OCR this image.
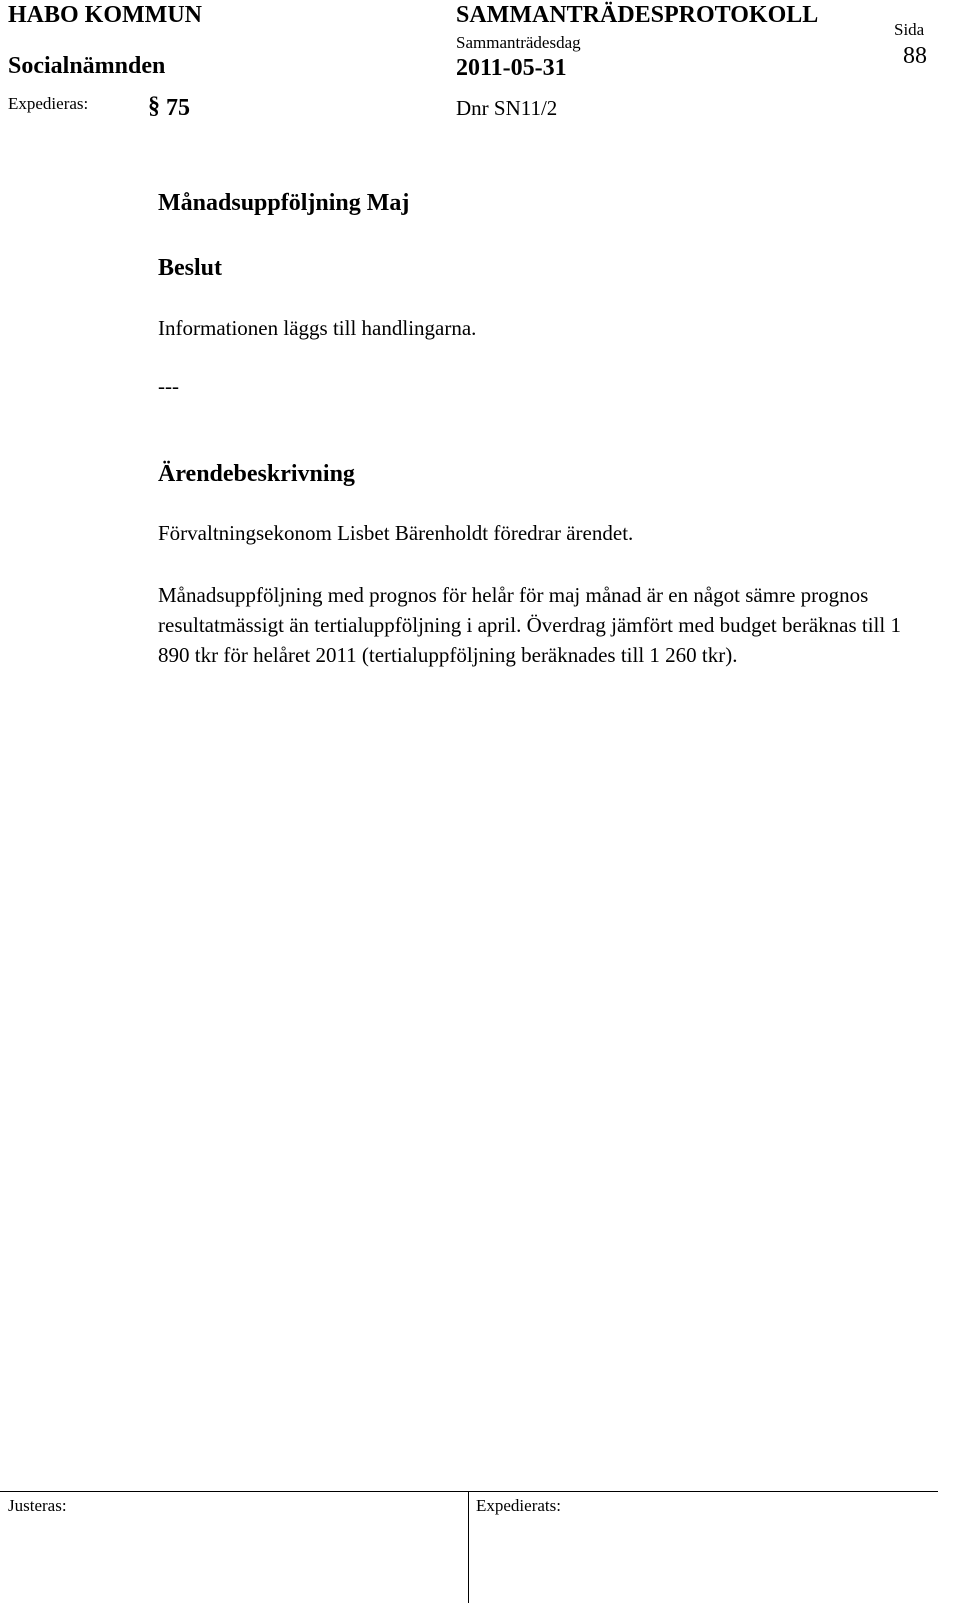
HABO KOMMUN
Socialnämnden
Expedieras: § 75
SAMMANTRÄDESPROTOKOLL
Sammanträdesdag
2011-05-31
Dnr SN11/2
Sida
88
Månadsuppföljning Maj
Beslut
Informationen läggs till handlingarna.
---
Ärendebeskrivning
Förvaltningsekonom Lisbet Bärenholdt föredrar ärendet.
Månadsuppföljning med prognos för helår för maj månad är en något sämre prognos resultatmässigt än tertialuppföljning i april. Överdrag jämfört med budget beräknas till 1 890 tkr för helåret 2011 (tertialuppföljning beräknades till 1 260 tkr).
Justeras:	Expedierats:
